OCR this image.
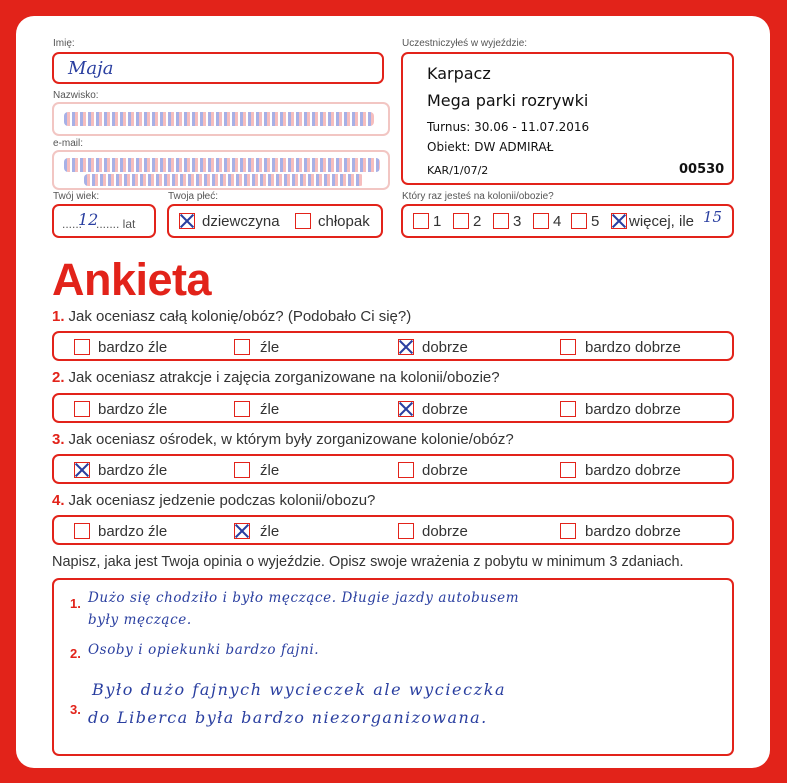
Imię:
Maja
Nazwisko:
e-mail:
Uczestniczyłeś w wyjeździe:
Karpacz
Mega parki rozrywki
Turnus: 30.06 - 11.07.2016
Obiekt: DW ADMIRAŁ
KAR/1/07/2	00530
Twój wiek:
......
12
....... lat
Twoja płeć:
dziewczyna	chłopak
Który raz jesteś na kolonii/obozie?
1 2 3 4 5 więcej, ile 15
Ankieta
1. Jak oceniasz całą kolonię/obóz? (Podobało Ci się?)
bardzo źle	źle	dobrze	bardzo dobrze
2. Jak oceniasz atrakcje i zajęcia zorganizowane na kolonii/obozie?
bardzo źle	źle	dobrze	bardzo dobrze
3. Jak oceniasz ośrodek, w którym były zorganizowane kolonie/obóz?
bardzo źle	źle	dobrze	bardzo dobrze
4. Jak oceniasz jedzenie podczas kolonii/obozu?
bardzo źle	źle	dobrze	bardzo dobrze
Napisz, jaka jest Twoja opinia o wyjeździe. Opisz swoje wrażenia z pobytu w minimum 3 zdaniach.
1.
2.
3.
Dużo się chodziło i było męczące. Długie jazdy autobusem
były męczące.
Osoby i opiekunki bardzo fajni.
Było dużo fajnych wycieczek ale wycieczka
do Liberca była bardzo niezorganizowana.
